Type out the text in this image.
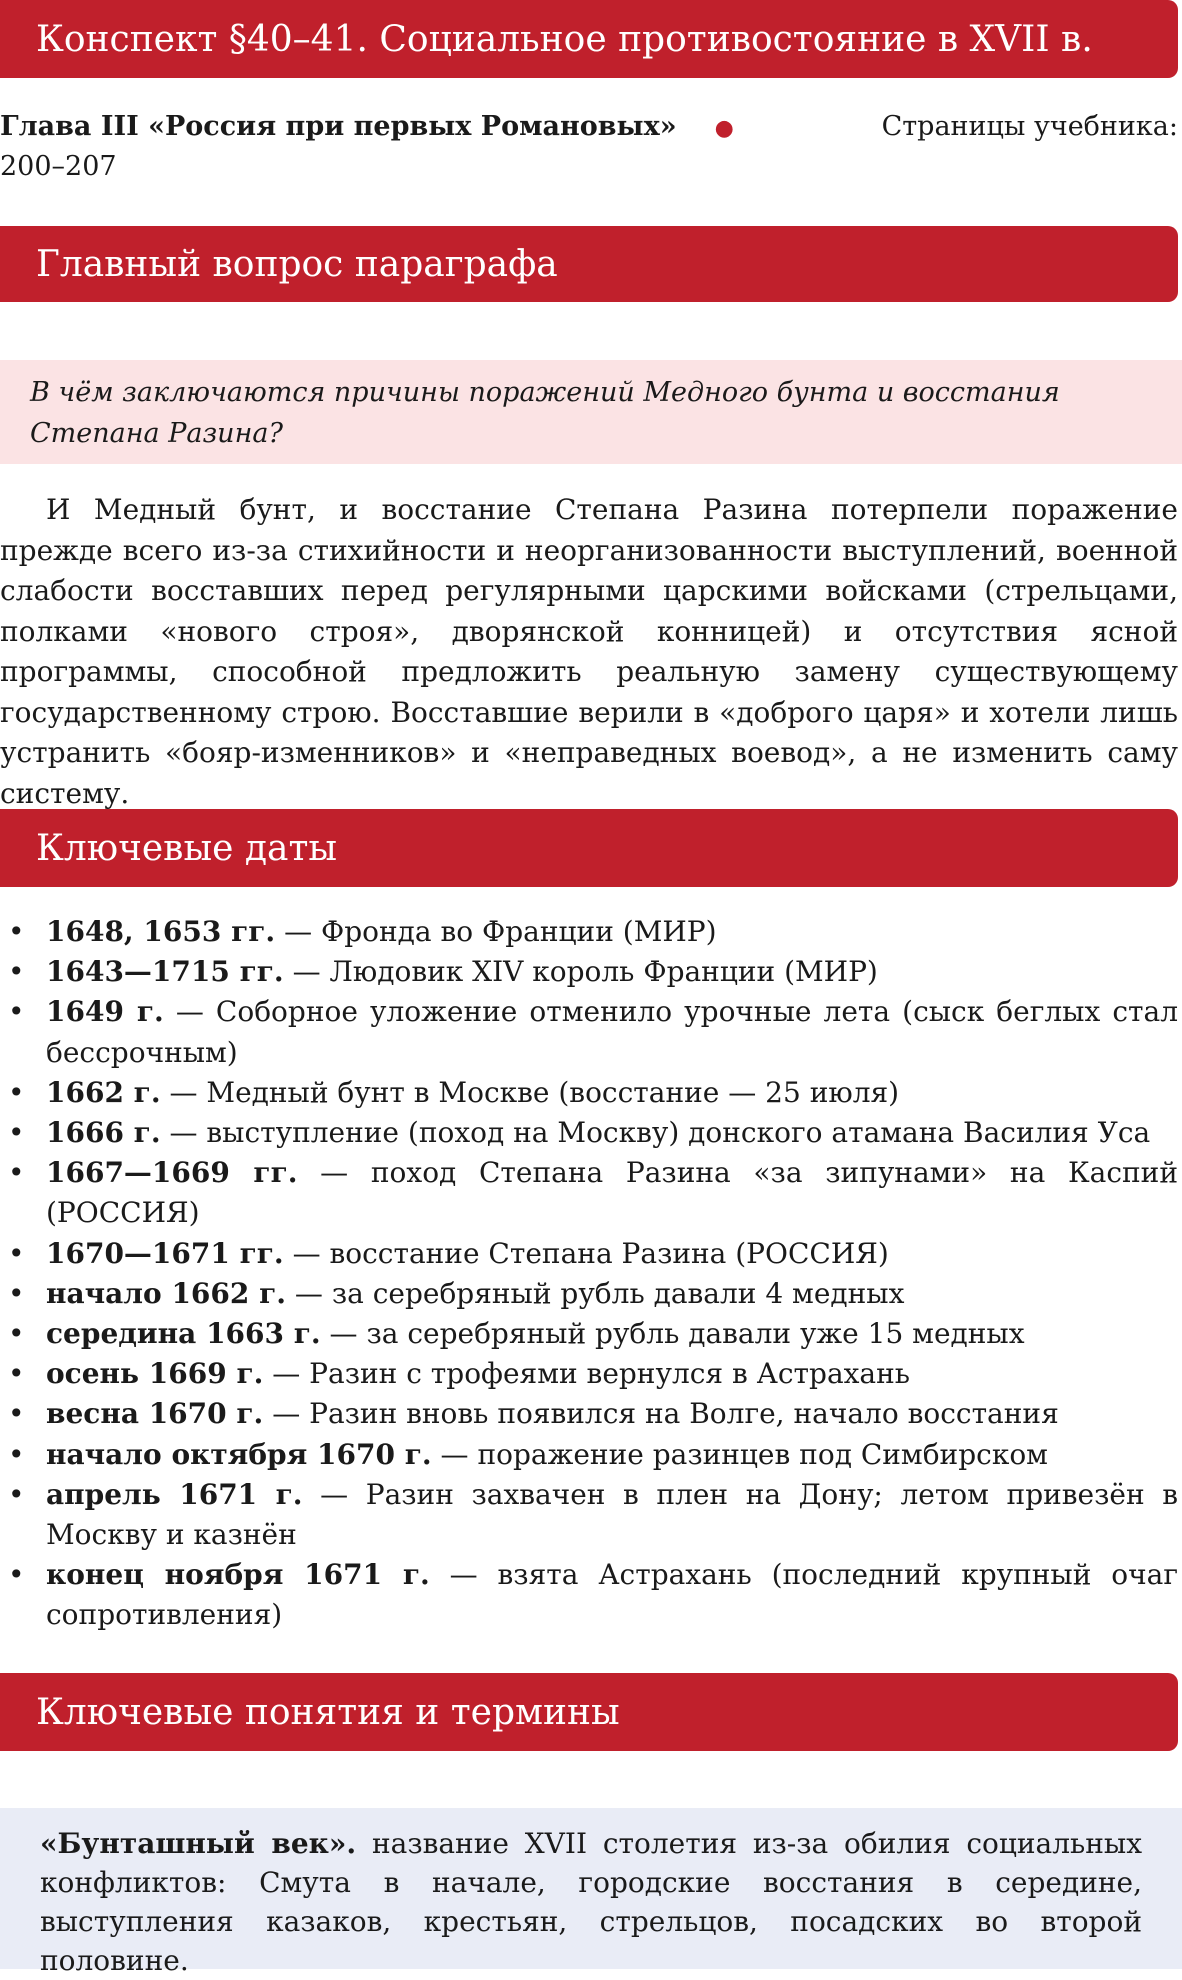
Конспект §40–41. Социальное противостояние в XVII в.
Страницы учебника:
Глава III «Россия при первых Романовых» ●
200–207
Главный вопрос параграфа
В чём заключаются причины поражений Медного бунта и восстания Степана Разина?

И Медный бунт, и восстание Степана Разина потерпели поражение прежде всего из-за стихийности и неорганизованности выступлений, военной слабости восставших перед регулярными царскими войсками (стрельцами, полками «нового строя», дворянской конницей) и отсутствия ясной программы, способной предложить реальную замену существующему государственному строю. Восставшие верили в «доброго царя» и хотели лишь устранить «бояр-изменников» и «неправедных воевод», а не изменить саму систему.

Ключевые даты
• 1648, 1653 гг. — Фронда во Франции (МИР)
• 1643—1715 гг. — Людовик XIV король Франции (МИР)
• 1649 г. — Соборное уложение отменило урочные лета (сыск беглых стал бессрочным)
• 1662 г. — Медный бунт в Москве (восстание — 25 июля)
• 1666 г. — выступление (поход на Москву) донского атамана Василия Уса
• 1667—1669 гг. — поход Степана Разина «за зипунами» на Каспий (РОССИЯ)
• 1670—1671 гг. — восстание Степана Разина (РОССИЯ)
• начало 1662 г. — за серебряный рубль давали 4 медных
• середина 1663 г. — за серебряный рубль давали уже 15 медных
• осень 1669 г. — Разин с трофеями вернулся в Астрахань
• весна 1670 г. — Разин вновь появился на Волге, начало восстания
• начало октября 1670 г. — поражение разинцев под Симбирском
• апрель 1671 г. — Разин захвачен в плен на Дону; летом привезён в Москву и казнён
• конец ноября 1671 г. — взята Астрахань (последний крупный очаг сопротивления)
Ключевые понятия и термины
«Бунташный век». название XVII столетия из-за обилия социальных конфликтов: Смута в начале, городские восстания в середине, выступления казаков, крестьян, стрельцов, посадских во второй половине.
